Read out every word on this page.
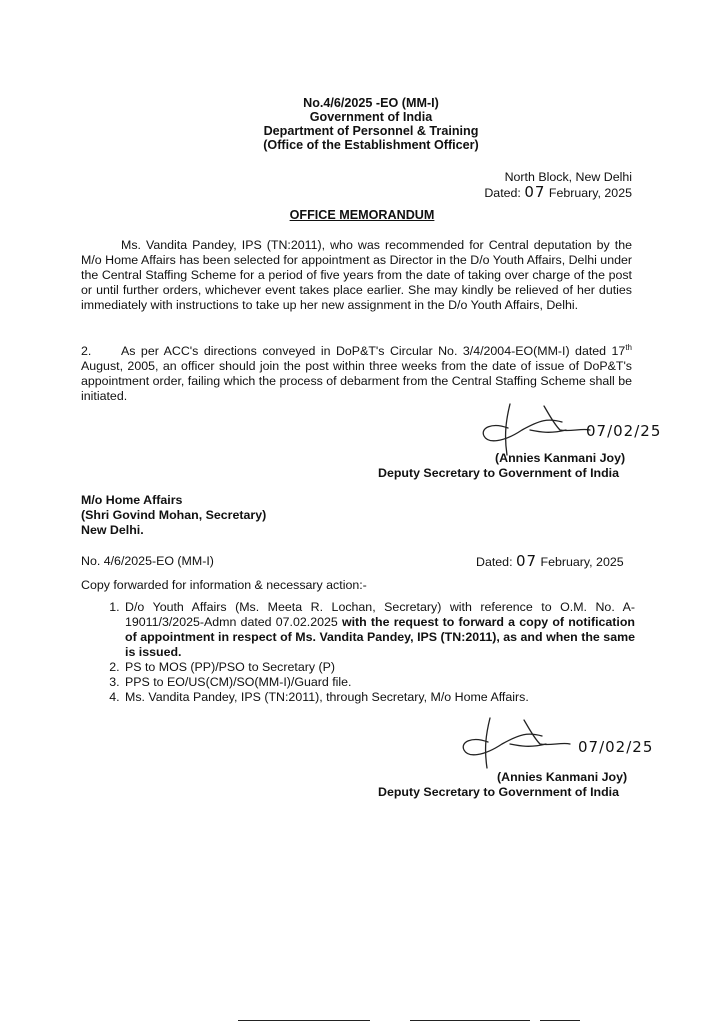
No.4/6/2025 -EO (MM-I)
Government of India
Department of Personnel & Training
(Office of the Establishment Officer)
North Block, New Delhi
Dated: 07 February, 2025
OFFICE MEMORANDUM
Ms. Vandita Pandey, IPS (TN:2011), who was recommended for Central deputation by the M/o Home Affairs has been selected for appointment as Director in the D/o Youth Affairs, Delhi under the Central Staffing Scheme for a period of five years from the date of taking over charge of the post or until further orders, whichever event takes place earlier. She may kindly be relieved of her duties immediately with instructions to take up her new assignment in the D/o Youth Affairs, Delhi.
2. As per ACC's directions conveyed in DoP&T's Circular No. 3/4/2004-EO(MM-I) dated 17th August, 2005, an officer should join the post within three weeks from the date of issue of DoP&T's appointment order, failing which the process of debarment from the Central Staffing Scheme shall be initiated.
07/02/25
(Annies Kanmani Joy)
Deputy Secretary to Government of India
M/o Home Affairs
(Shri Govind Mohan, Secretary)
New Delhi.
No. 4/6/2025-EO (MM-I)	Dated: 07 February, 2025
Copy forwarded for information & necessary action:-
1. D/o Youth Affairs (Ms. Meeta R. Lochan, Secretary) with reference to O.M. No. A-19011/3/2025-Admn dated 07.02.2025 with the request to forward a copy of notification of appointment in respect of Ms. Vandita Pandey, IPS (TN:2011), as and when the same is issued.
2. PS to MOS (PP)/PSO to Secretary (P)
3. PPS to EO/US(CM)/SO(MM-I)/Guard file.
4. Ms. Vandita Pandey, IPS (TN:2011), through Secretary, M/o Home Affairs.
07/02/25
(Annies Kanmani Joy)
Deputy Secretary to Government of India
